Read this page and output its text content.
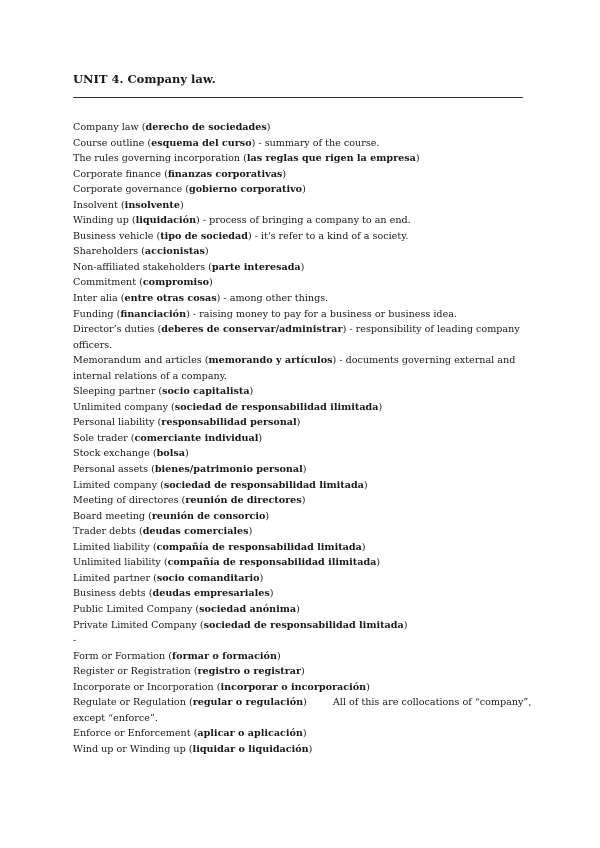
UNIT 4. Company law.
Company law (derecho de sociedades)
Course outline (esquema del curso) - summary of the course.
The rules governing incorporation (las reglas que rigen la empresa)
Corporate finance (finanzas corporativas)
Corporate governance (gobierno corporativo)
Insolvent (insolvente)
Winding up (liquidación) - process of bringing a company to an end.
Business vehicle (tipo de sociedad) - it's refer to a kind of a society.
Shareholders (accionistas)
Non-affiliated stakeholders (parte interesada)
Commitment (compromiso)
Inter alia (entre otras cosas) - among other things.
Funding (financiación) - raising money to pay for a business or business idea.
Director’s duties (deberes de conservar/administrar) - responsibility of leading company
officers.
Memorandum and articles (memorando y artículos) - documents governing external and
internal relations of a company.
Sleeping partner (socio capitalista)
Unlimited company (sociedad de responsabilidad ilimitada)
Personal liability (responsabilidad personal)
Sole trader (comerciante individual)
Stock exchange (bolsa)
Personal assets (bienes/patrimonio personal)
Limited company (sociedad de responsabilidad limitada)
Meeting of directores (reunión de directores)
Board meeting (reunión de consorcio)
Trader debts (deudas comerciales)
Limited liability (compañía de responsabilidad limitada)
Unlimited liability (compañía de responsabilidad ilimitada)
Limited partner (socio comanditario)
Business debts (deudas empresariales)
Public Limited Company (sociedad anónima)
Private Limited Company (sociedad de responsabilidad limitada)
-
Form or Formation (formar o formación)
Register or Registration (registro o registrar)
Incorporate or Incorporation (incorporar o incorporación)
Regulate or Regulation (regular o regulación)	All of this are collocations of “company”,
except “enforce”.
Enforce or Enforcement (aplicar o aplicación)
Wind up or Winding up (liquidar o liquidación)
